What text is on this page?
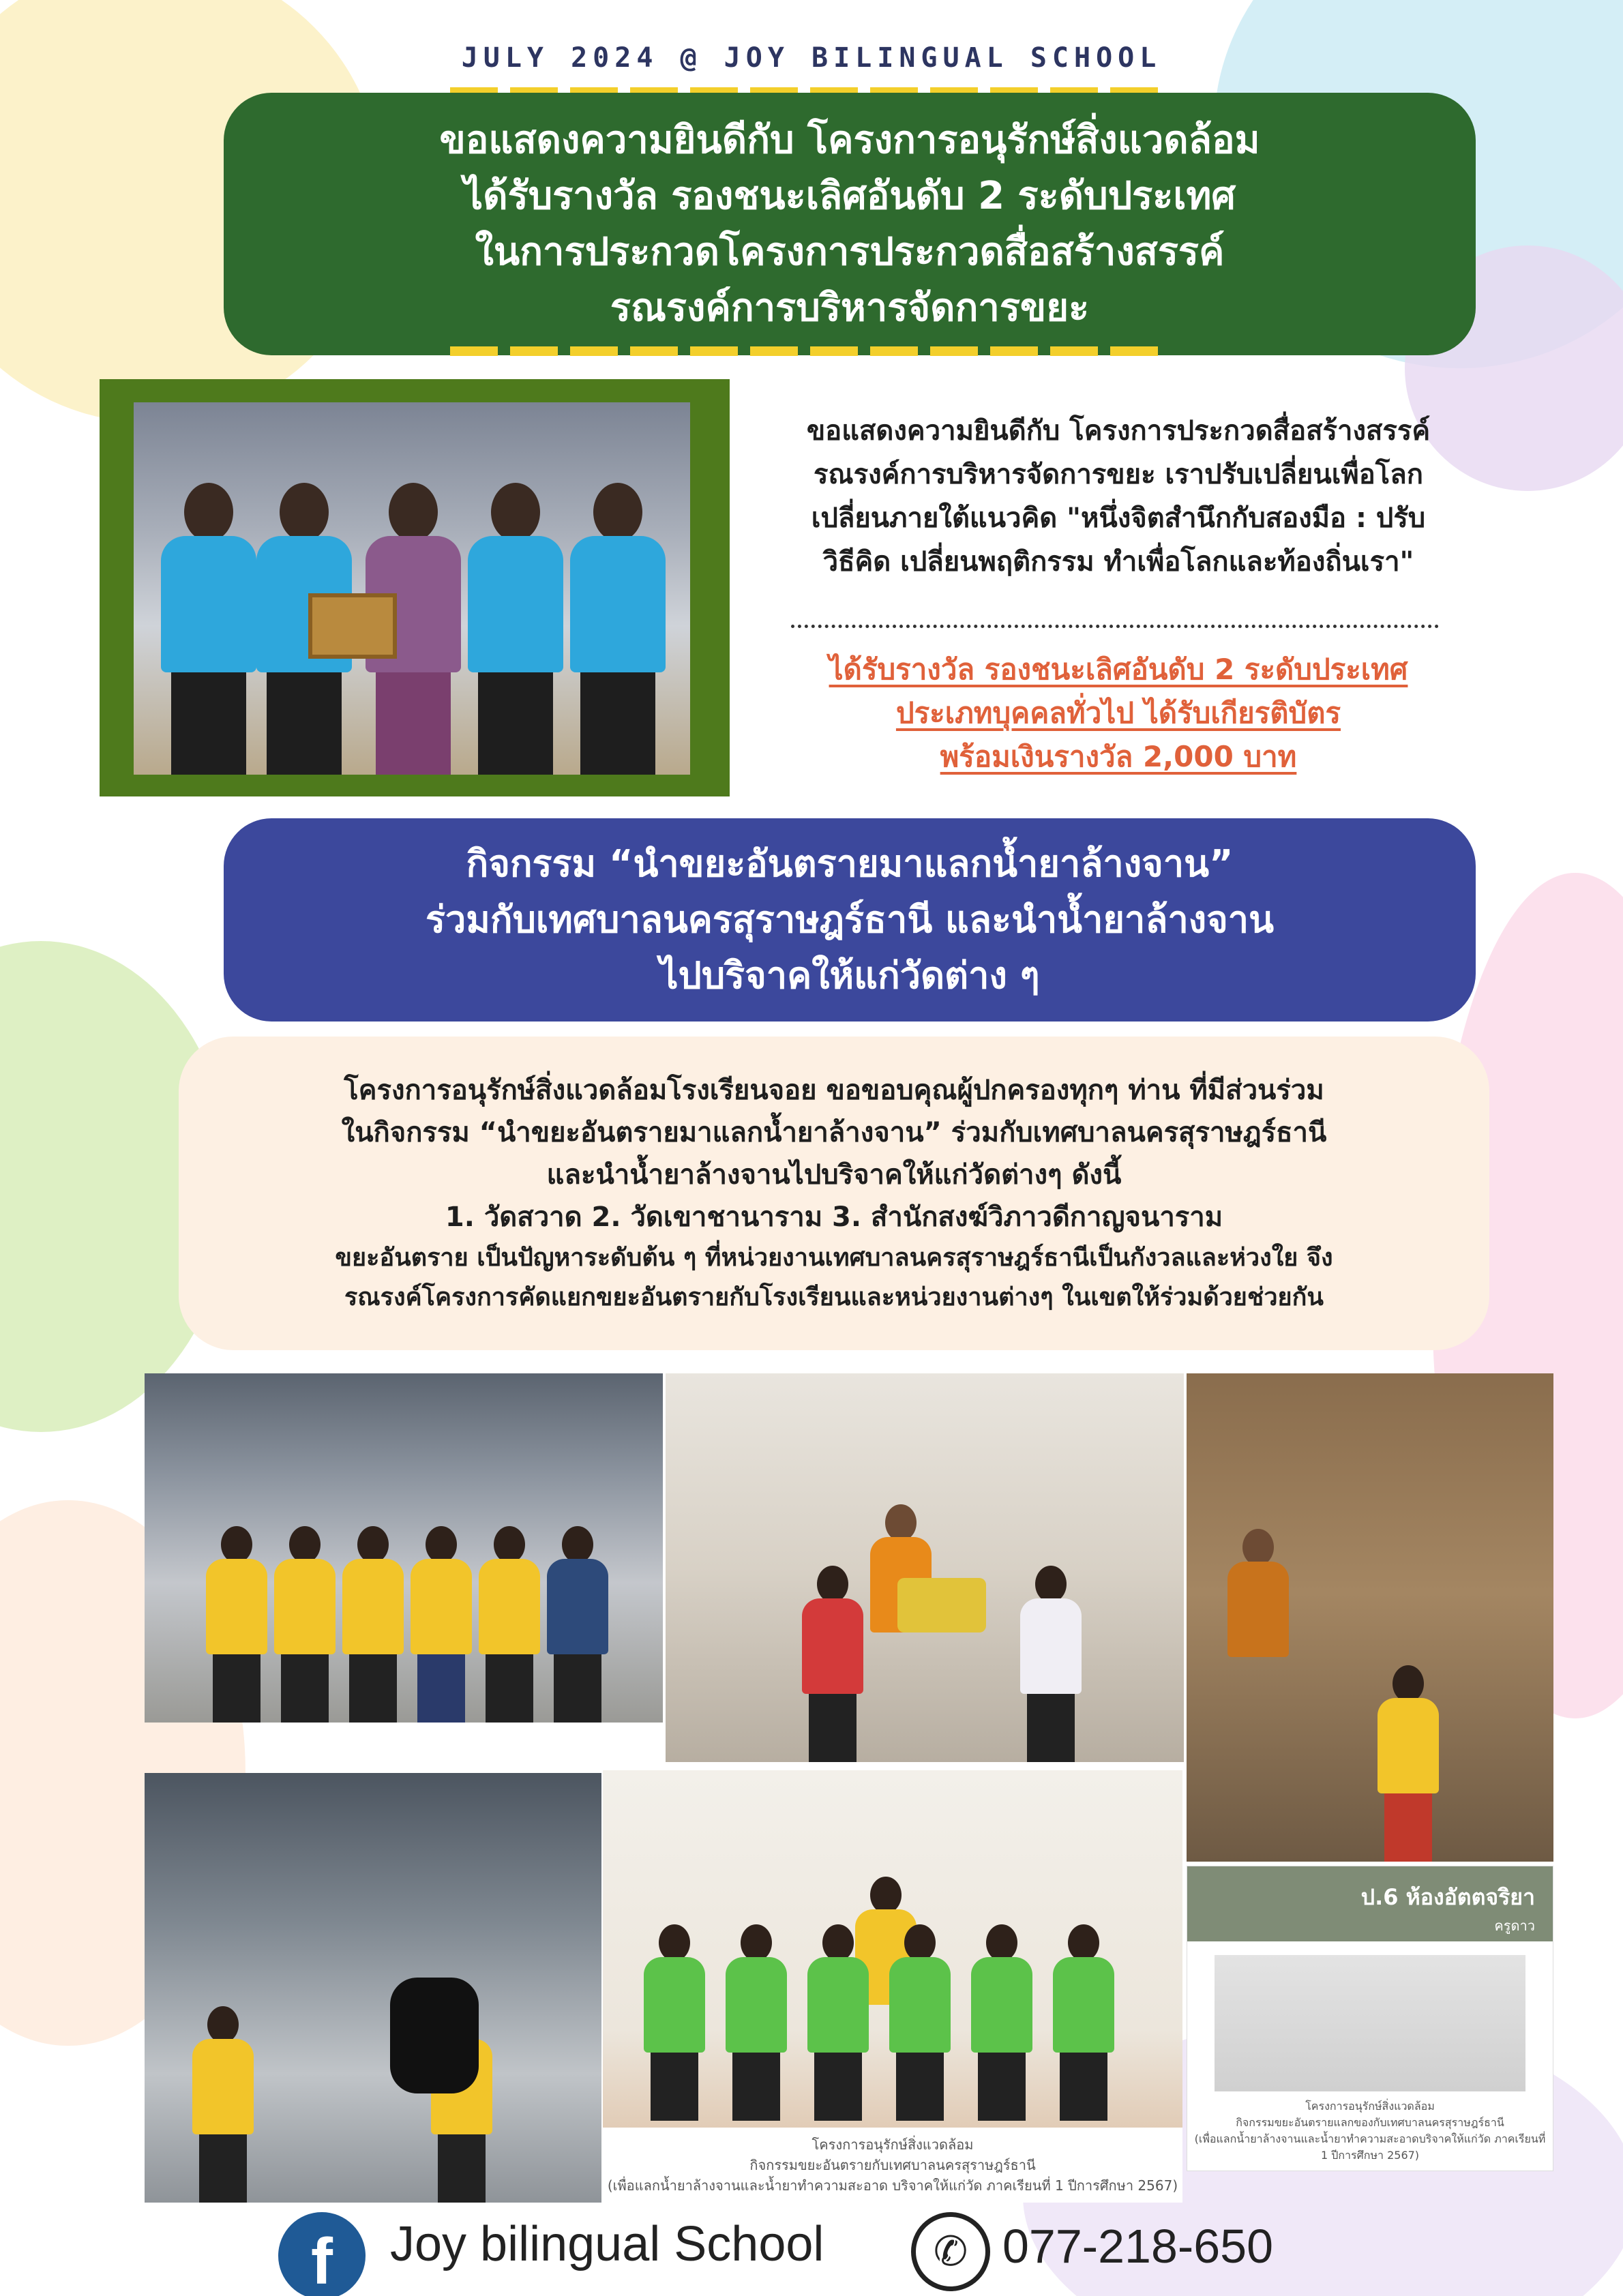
JULY 2024 @ JOY BILINGUAL SCHOOL
ขอแสดงความยินดีกับ โครงการอนุรักษ์สิ่งแวดล้อม
ได้รับรางวัล รองชนะเลิศอันดับ 2 ระดับประเทศ
ในการประกวดโครงการประกวดสื่อสร้างสรรค์
รณรงค์การบริหารจัดการขยะ
ขอแสดงความยินดีกับ โครงการประกวดสื่อสร้างสรรค์
รณรงค์การบริหารจัดการขยะ เราปรับเปลี่ยนเพื่อโลก
เปลี่ยนภายใต้แนวคิด "หนึ่งจิตสำนึกกับสองมือ : ปรับ
วิธีคิด เปลี่ยนพฤติกรรม ทำเพื่อโลกและท้องถิ่นเรา"
ได้รับรางวัล รองชนะเลิศอันดับ 2 ระดับประเทศ
ประเภทบุคคลทั่วไป ได้รับเกียรติบัตร
พร้อมเงินรางวัล 2,000 บาท
กิจกรรม “นำขยะอันตรายมาแลกน้ำยาล้างจาน”
ร่วมกับเทศบาลนครสุราษฎร์ธานี และนำน้ำยาล้างจาน
ไปบริจาคให้แก่วัดต่าง ๆ
โครงการอนุรักษ์สิ่งแวดล้อมโรงเรียนจอย ขอขอบคุณผู้ปกครองทุกๆ ท่าน ที่มีส่วนร่วม
ในกิจกรรม “นำขยะอันตรายมาแลกน้ำยาล้างจาน” ร่วมกับเทศบาลนครสุราษฎร์ธานี
และนำน้ำยาล้างจานไปบริจาคให้แก่วัดต่างๆ ดังนี้
1. วัดสวาด 2. วัดเขาชานาราม 3. สำนักสงฆ์วิภาวดีกาญจนาราม
ขยะอันตราย เป็นปัญหาระดับต้น ๆ ที่หน่วยงานเทศบาลนครสุราษฎร์ธานีเป็นกังวลและห่วงใย จึง
รณรงค์โครงการคัดแยกขยะอันตรายกับโรงเรียนและหน่วยงานต่างๆ ในเขตให้ร่วมด้วยช่วยกัน
โครงการอนุรักษ์สิ่งแวดล้อม
กิจกรรมขยะอันตรายกับเทศบาลนครสุราษฎร์ธานี
(เพื่อแลกน้ำยาล้างจานและน้ำยาทำความสะอาด บริจาคให้แก่วัด ภาคเรียนที่ 1 ปีการศึกษา 2567)
ป.6 ห้องอัตตจริยา
ครูดาว
โครงการอนุรักษ์สิ่งแวดล้อม
กิจกรรมขยะอันตรายแลกของกับเทศบาลนครสุราษฎร์ธานี
(เพื่อแลกน้ำยาล้างจานและน้ำยาทำความสะอาดบริจาคให้แก่วัด ภาคเรียนที่ 1 ปีการศึกษา 2567)
f	Joy bilingual School	✆ 077-218-650
